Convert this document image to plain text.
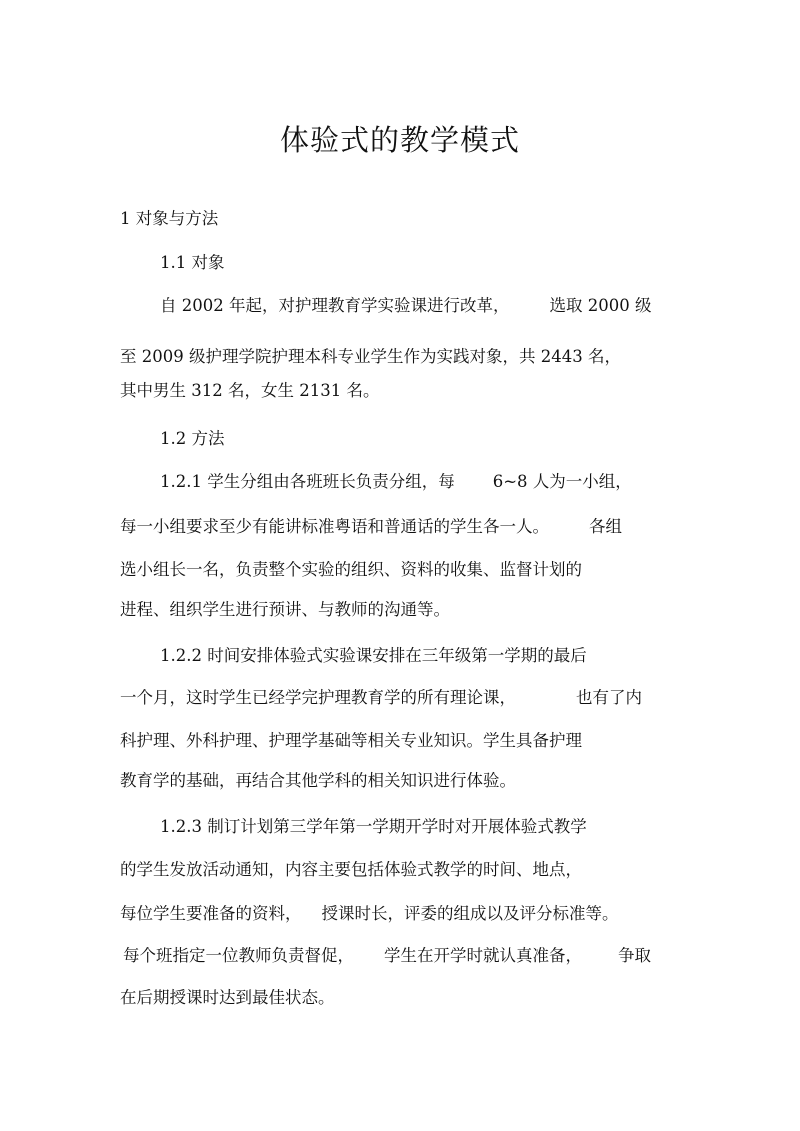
体验式的教学模式
1 对象与方法
1.1 对象
自 2002 年起，对护理教育学实验课进行改革， 选取 2000 级
至 2009 级护理学院护理本科专业学生作为实践对象，共 2443 名，
其中男生 312 名，女生 2131 名。
1.2 方法
1.2.1 学生分组由各班班长负责分组，每 6~8 人为一小组，
每一小组要求至少有能讲标准粤语和普通话的学生各一人。 各组
选小组长一名，负责整个实验的组织、资料的收集、监督计划的
进程、组织学生进行预讲、与教师的沟通等。
1.2.2 时间安排体验式实验课安排在三年级第一学期的最后
一个月，这时学生已经学完护理教育学的所有理论课，	也有了内
科护理、外科护理、护理学基础等相关专业知识。学生具备护理
教育学的基础，再结合其他学科的相关知识进行体验。
1.2.3 制订计划第三学年第一学期开学时对开展体验式教学
的学生发放活动通知，内容主要包括体验式教学的时间、地点，
每位学生要准备的资料， 授课时长，评委的组成以及评分标准等。
每个班指定一位教师负责督促， 学生在开学时就认真准备， 争取
在后期授课时达到最佳状态。
